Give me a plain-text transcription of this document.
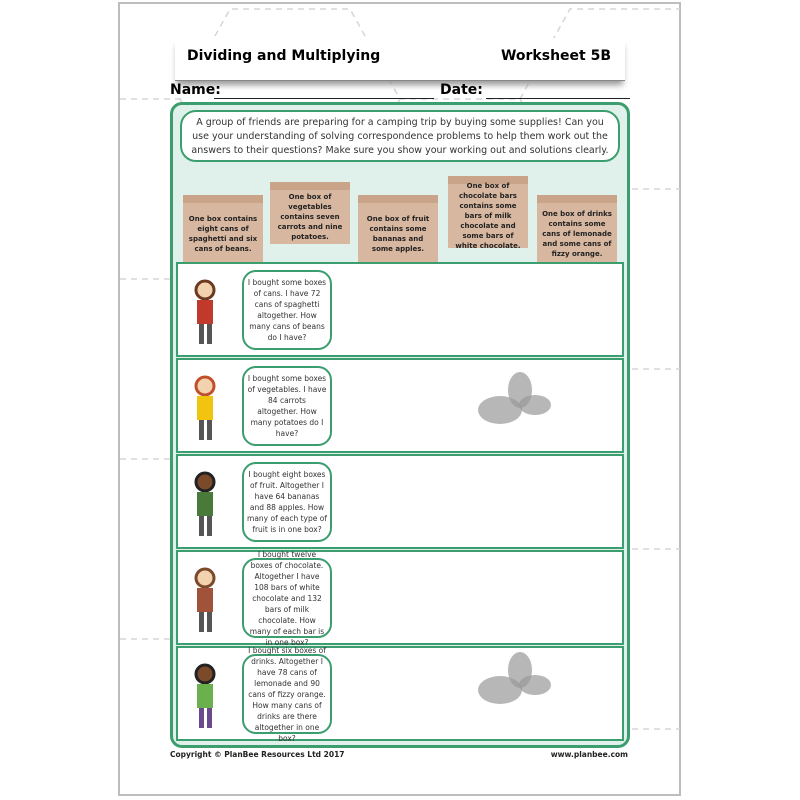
Dividing and Multiplying	Worksheet 5B
Name:	Date:
A group of friends are preparing for a camping trip by buying some supplies! Can you use your understanding of solving correspondence problems to help them work out the answers to their questions? Make sure you show your working out and solutions clearly.
One box contains eight cans of spaghetti and six cans of beans.
One box of vegetables contains seven carrots and nine potatoes.
One box of fruit contains some bananas and some apples.
One box of chocolate bars contains some bars of milk chocolate and some bars of white chocolate.
One box of drinks contains some cans of lemonade and some cans of fizzy orange.
I bought some boxes of cans. I have 72 cans of spaghetti altogether. How many cans of beans do I have?
I bought some boxes of vegetables. I have 84 carrots altogether. How many potatoes do I have?
I bought eight boxes of fruit. Altogether I have 64 bananas and 88 apples. How many of each type of fruit is in one box?
I bought twelve boxes of chocolate. Altogether I have 108 bars of white chocolate and 132 bars of milk chocolate. How many of each bar is in one box?
I bought six boxes of drinks. Altogether I have 78 cans of lemonade and 90 cans of fizzy orange. How many cans of drinks are there altogether in one box?
Copyright © PlanBee Resources Ltd 2017	www.planbee.com
